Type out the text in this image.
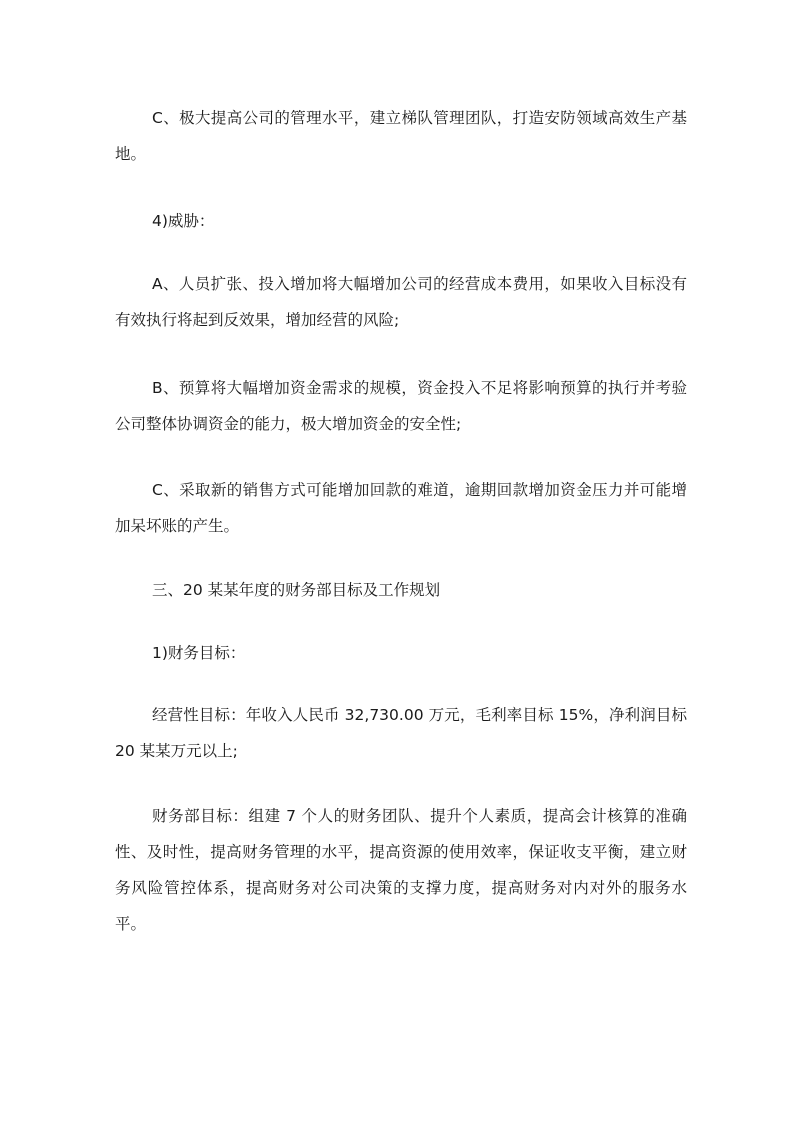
C、极大提高公司的管理水平，建立梯队管理团队，打造安防领域高效生产基地。

4)威胁：

A、人员扩张、投入增加将大幅增加公司的经营成本费用，如果收入目标没有有效执行将起到反效果，增加经营的风险;

B、预算将大幅增加资金需求的规模，资金投入不足将影响预算的执行并考验公司整体协调资金的能力，极大增加资金的安全性;

C、采取新的销售方式可能增加回款的难道，逾期回款增加资金压力并可能增加呆坏账的产生。

三、20 某某年度的财务部目标及工作规划

1)财务目标：

经营性目标：年收入人民币 32,730.00 万元，毛利率目标 15%，净利润目标 20 某某万元以上;

财务部目标：组建 7 个人的财务团队、提升个人素质，提高会计核算的准确性、及时性，提高财务管理的水平，提高资源的使用效率，保证收支平衡，建立财务风险管控体系，提高财务对公司决策的支撑力度，提高财务对内对外的服务水平。
